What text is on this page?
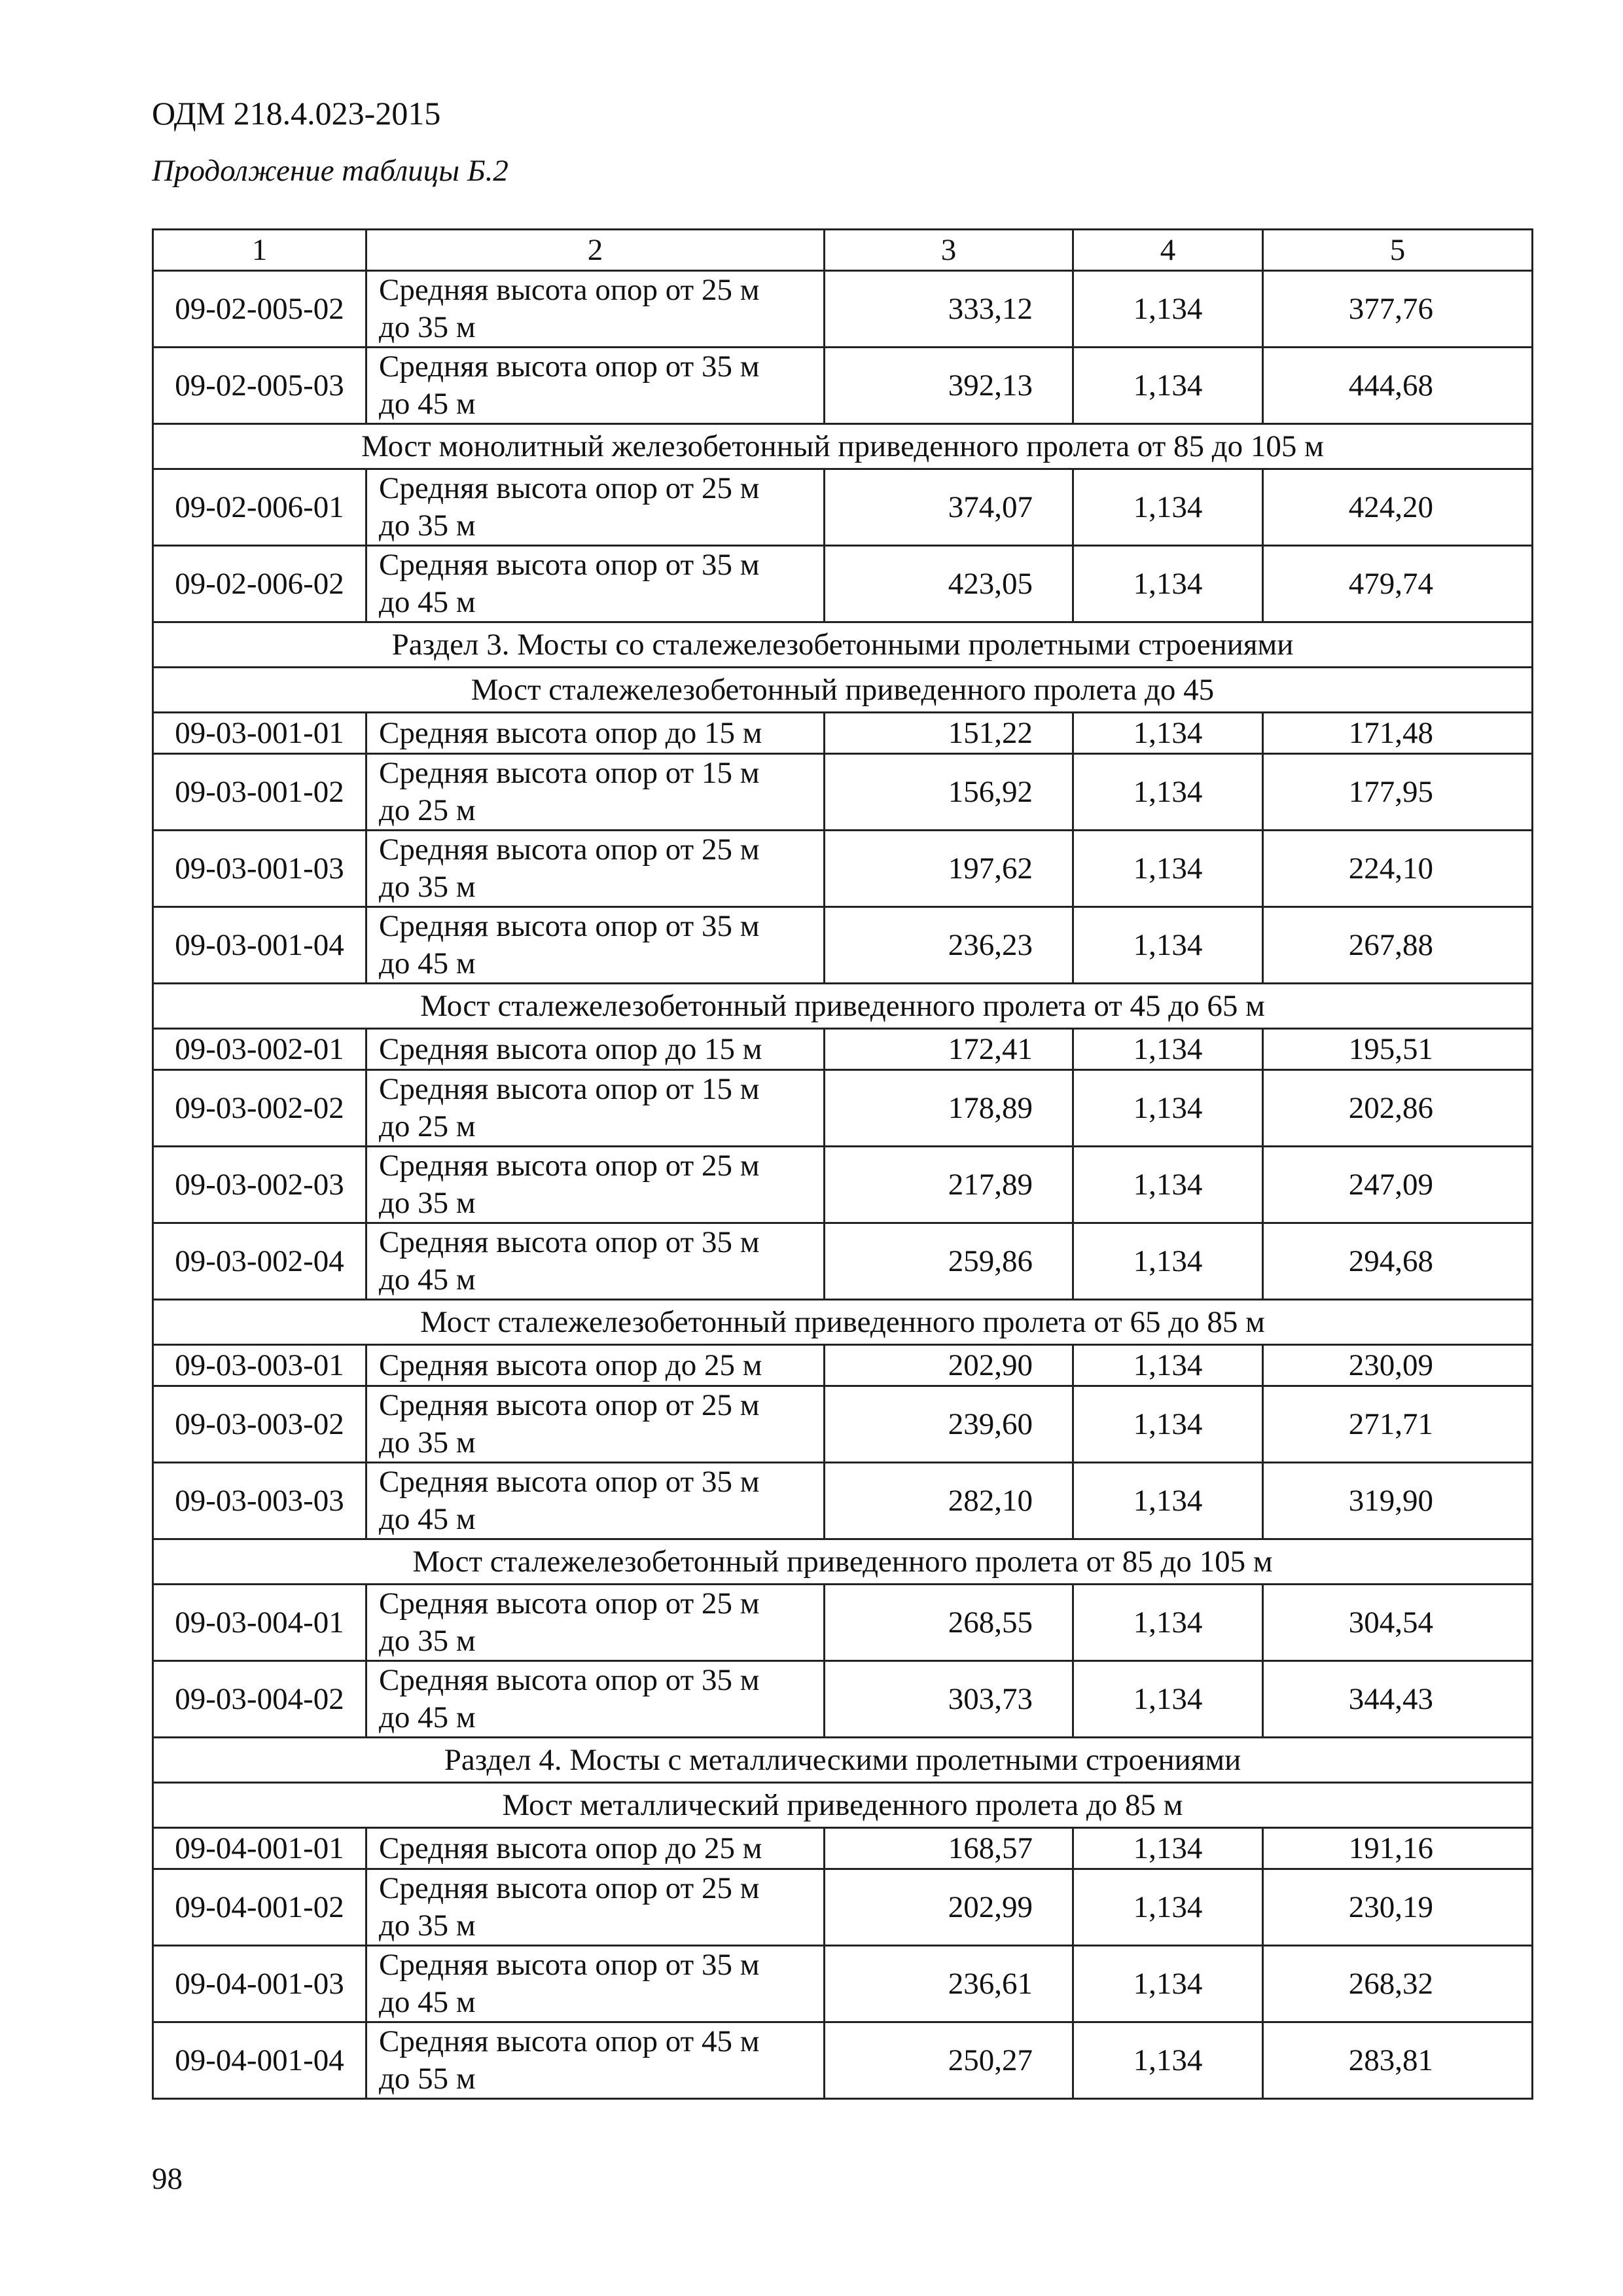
ОДМ 218.4.023-2015
Продолжение таблицы Б.2
1	2	3	4	5
09-02-005-02	Средняя высота опор от 25 м
до 35 м	333,12	1,134	377,76
09-02-005-03	Средняя высота опор от 35 м
до 45 м	392,13	1,134	444,68
Мост монолитный железобетонный приведенного пролета от 85 до 105 м				
09-02-006-01	Средняя высота опор от 25 м
до 35 м	374,07	1,134	424,20
09-02-006-02	Средняя высота опор от 35 м
до 45 м	423,05	1,134	479,74
Раздел 3. Мосты со сталежелезобетонными пролетными строениями				
Мост сталежелезобетонный приведенного пролета до 45				
09-03-001-01	Средняя высота опор до 15 м	151,22	1,134	171,48
09-03-001-02	Средняя высота опор от 15 м
до 25 м	156,92	1,134	177,95
09-03-001-03	Средняя высота опор от 25 м
до 35 м	197,62	1,134	224,10
09-03-001-04	Средняя высота опор от 35 м
до 45 м	236,23	1,134	267,88
Мост сталежелезобетонный приведенного пролета от 45 до 65 м				
09-03-002-01	Средняя высота опор до 15 м	172,41	1,134	195,51
09-03-002-02	Средняя высота опор от 15 м
до 25 м	178,89	1,134	202,86
09-03-002-03	Средняя высота опор от 25 м
до 35 м	217,89	1,134	247,09
09-03-002-04	Средняя высота опор от 35 м
до 45 м	259,86	1,134	294,68
Мост сталежелезобетонный приведенного пролета от 65 до 85 м				
09-03-003-01	Средняя высота опор до 25 м	202,90	1,134	230,09
09-03-003-02	Средняя высота опор от 25 м
до 35 м	239,60	1,134	271,71
09-03-003-03	Средняя высота опор от 35 м
до 45 м	282,10	1,134	319,90
Мост сталежелезобетонный приведенного пролета от 85 до 105 м				
09-03-004-01	Средняя высота опор от 25 м
до 35 м	268,55	1,134	304,54
09-03-004-02	Средняя высота опор от 35 м
до 45 м	303,73	1,134	344,43
Раздел 4. Мосты с металлическими пролетными строениями				
Мост металлический приведенного пролета до 85 м				
09-04-001-01	Средняя высота опор до 25 м	168,57	1,134	191,16
09-04-001-02	Средняя высота опор от 25 м
до 35 м	202,99	1,134	230,19
09-04-001-03	Средняя высота опор от 35 м
до 45 м	236,61	1,134	268,32
09-04-001-04	Средняя высота опор от 45 м
до 55 м	250,27	1,134	283,81
98
